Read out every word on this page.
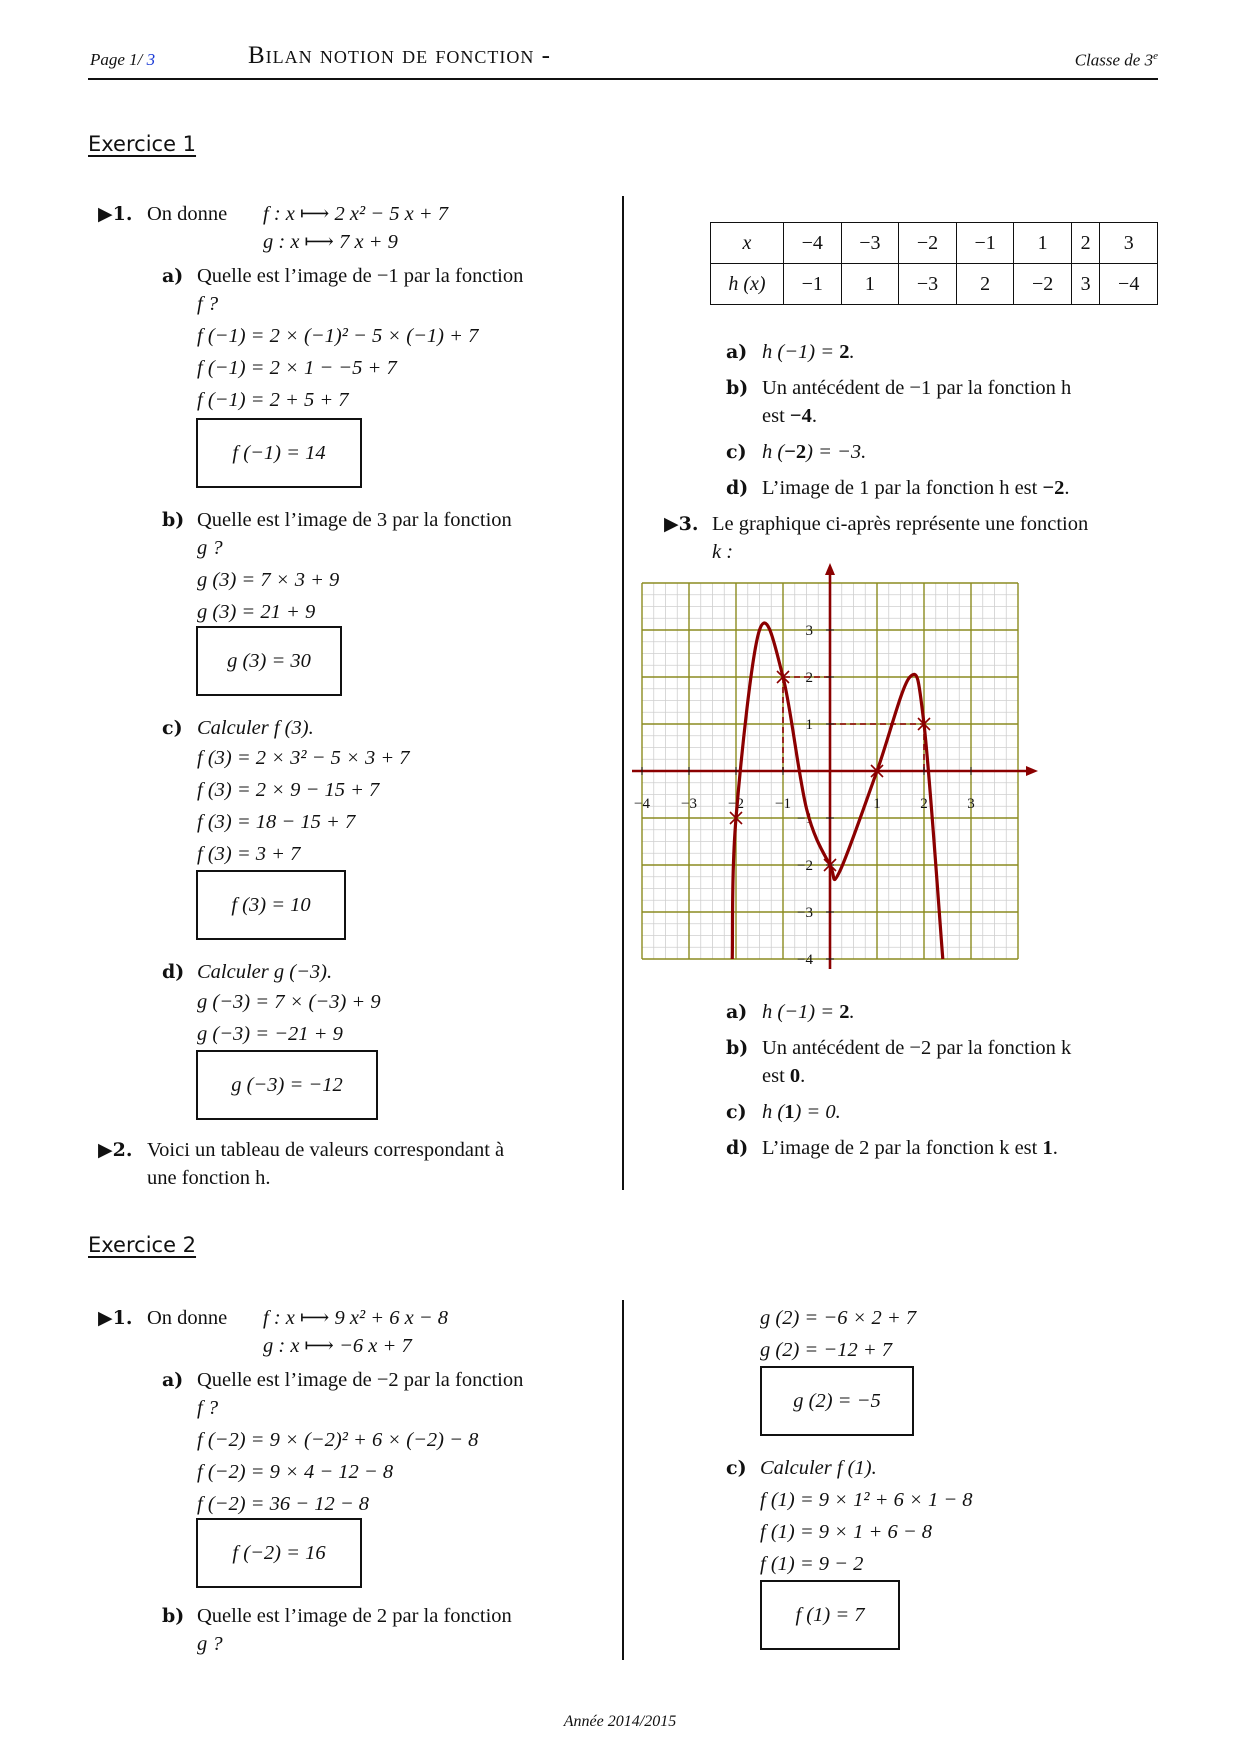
Page 1/ 3	Bilan notion de fonction -	Classe de 3e
Exercice 1
▶1. On donne f : x ⟼ 2 x² − 5 x + 7
g : x ⟼ 7 x + 9
a) Quelle est l’image de −1 par la fonction
f ?
f (−1) = 2 × (−1)² − 5 × (−1) + 7
f (−1) = 2 × 1 − −5 + 7
f (−1) = 2 + 5 + 7
f (−1) = 14
b) Quelle est l’image de 3 par la fonction
g ?
g (3) = 7 × 3 + 9
g (3) = 21 + 9
g (3) = 30
c) Calculer f (3).
f (3) = 2 × 3² − 5 × 3 + 7
f (3) = 2 × 9 − 15 + 7
f (3) = 18 − 15 + 7
f (3) = 3 + 7
f (3) = 10
d) Calculer g (−3).
g (−3) = 7 × (−3) + 9
g (−3) = −21 + 9
g (−3) = −12
▶2. Voici un tableau de valeurs correspondant à
une fonction h.
x	−4	−3	−2	−1	1	2	3
h (x)	−1	1	−3	2	−2	3	−4
a) h (−1) = 2.
b) Un antécédent de −1 par la fonction h
est −4.
c) h (−2) = −3.
d) L’image de 1 par la fonction h est −2.
▶3. Le graphique ci-après représente une fonction
k :
−4 −3 −2 −1	1	2	3
3
2
1
−1
−2
−3
−4
a) h (−1) = 2.
b) Un antécédent de −2 par la fonction k
est 0.
c) h (1) = 0.
d) L’image de 2 par la fonction k est 1.
Exercice 2
▶1. On donne f : x ⟼ 9 x² + 6 x − 8
g : x ⟼ −6 x + 7
a) Quelle est l’image de −2 par la fonction
f ?
f (−2) = 9 × (−2)² + 6 × (−2) − 8
f (−2) = 9 × 4 − 12 − 8
f (−2) = 36 − 12 − 8
f (−2) = 16
b) Quelle est l’image de 2 par la fonction
g ?
g (2) = −6 × 2 + 7
g (2) = −12 + 7
g (2) = −5
c) Calculer f (1).
f (1) = 9 × 1² + 6 × 1 − 8
f (1) = 9 × 1 + 6 − 8
f (1) = 9 − 2
f (1) = 7
Année 2014/2015
